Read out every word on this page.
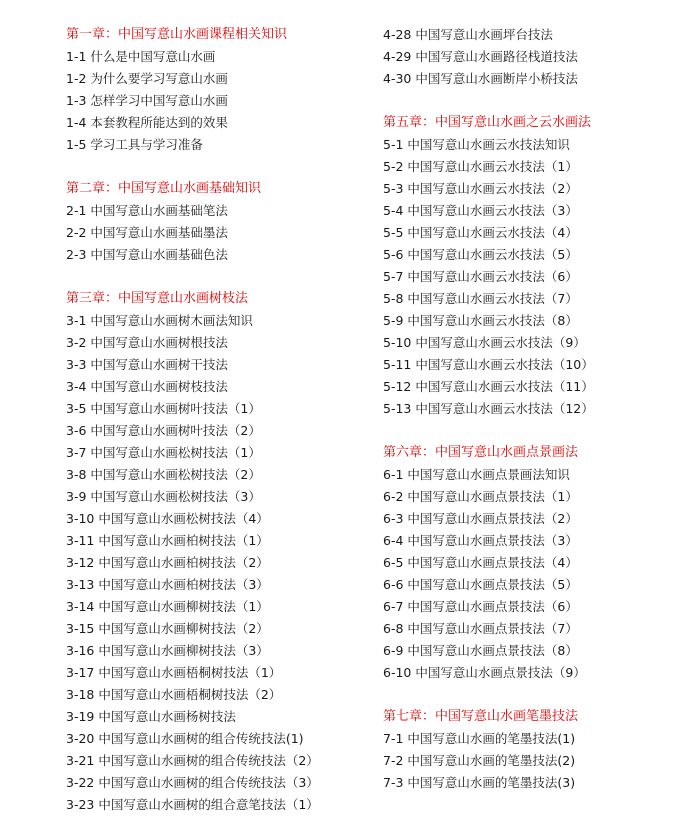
第一章：中国写意山水画课程相关知识
1-1 什么是中国写意山水画
1-2 为什么要学习写意山水画
1-3 怎样学习中国写意山水画
1-4 本套教程所能达到的效果
1-5 学习工具与学习准备
第二章：中国写意山水画基础知识
2-1 中国写意山水画基础笔法
2-2 中国写意山水画基础墨法
2-3 中国写意山水画基础色法
第三章：中国写意山水画树枝法
3-1 中国写意山水画树木画法知识
3-2 中国写意山水画树根技法
3-3 中国写意山水画树干技法
3-4 中国写意山水画树枝技法
3-5 中国写意山水画树叶技法（1）
3-6 中国写意山水画树叶技法（2）
3-7 中国写意山水画松树技法（1）
3-8 中国写意山水画松树技法（2）
3-9 中国写意山水画松树技法（3）
3-10 中国写意山水画松树技法（4）
3-11 中国写意山水画柏树技法（1）
3-12 中国写意山水画柏树技法（2）
3-13 中国写意山水画柏树技法（3）
3-14 中国写意山水画柳树技法（1）
3-15 中国写意山水画柳树技法（2）
3-16 中国写意山水画柳树技法（3）
3-17 中国写意山水画梧桐树技法（1）
3-18 中国写意山水画梧桐树技法（2）
3-19 中国写意山水画杨树技法
3-20 中国写意山水画树的组合传统技法(1)
3-21 中国写意山水画树的组合传统技法（2）
3-22 中国写意山水画树的组合传统技法（3）
3-23 中国写意山水画树的组合意笔技法（1）
4-28 中国写意山水画坪台技法
4-29 中国写意山水画路径栈道技法
4-30 中国写意山水画断岸小桥技法
第五章：中国写意山水画之云水画法
5-1 中国写意山水画云水技法知识
5-2 中国写意山水画云水技法（1）
5-3 中国写意山水画云水技法（2）
5-4 中国写意山水画云水技法（3）
5-5 中国写意山水画云水技法（4）
5-6 中国写意山水画云水技法（5）
5-7 中国写意山水画云水技法（6）
5-8 中国写意山水画云水技法（7）
5-9 中国写意山水画云水技法（8）
5-10 中国写意山水画云水技法（9）
5-11 中国写意山水画云水技法（10）
5-12 中国写意山水画云水技法（11）
5-13 中国写意山水画云水技法（12）
第六章：中国写意山水画点景画法
6-1 中国写意山水画点景画法知识
6-2 中国写意山水画点景技法（1）
6-3 中国写意山水画点景技法（2）
6-4 中国写意山水画点景技法（3）
6-5 中国写意山水画点景技法（4）
6-6 中国写意山水画点景技法（5）
6-7 中国写意山水画点景技法（6）
6-8 中国写意山水画点景技法（7）
6-9 中国写意山水画点景技法（8）
6-10 中国写意山水画点景技法（9）
第七章：中国写意山水画笔墨技法
7-1 中国写意山水画的笔墨技法(1)
7-2 中国写意山水画的笔墨技法(2)
7-3 中国写意山水画的笔墨技法(3)
